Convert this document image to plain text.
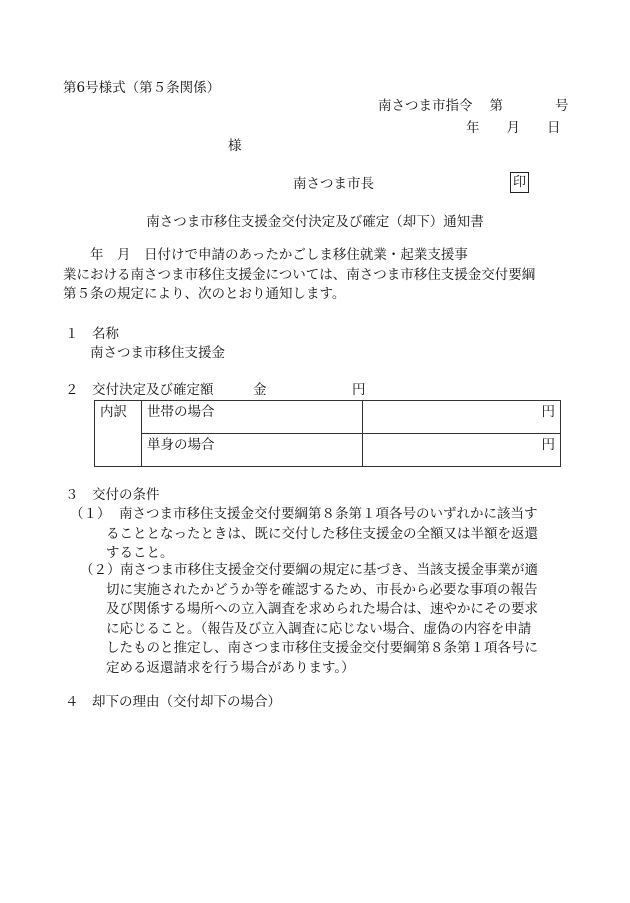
第6号様式（第５条関係）
南さつま市指令 第	号
年 月 日
様
南さつま市長	印
南さつま市移住支援金交付決定及び確定（却下）通知書

　　年　月　日付けで申請のあったかごしま移住就業・起業支援事

業における南さつま市移住支援金については、南さつま市移住支援金交付要綱

第５条の規定により、次のとおり通知します。

１ 名称
南さつま市移住支援金
２ 交付決定及び確定額	金	円
内訳	世帯の場合	円
	単身の場合	円
３ 交付の条件
（１） 南さつま市移住支援金交付要綱第８条第１項各号のいずれかに該当す

ることとなったときは、既に交付した移住支援金の全額又は半額を返還

すること。

（２） 南さつま市移住支援金交付要綱の規定に基づき、当該支援金事業が適

切に実施されたかどうか等を確認するため、市長から必要な事項の報告

及び関係する場所への立入調査を求められた場合は、速やかにその要求

に応じること。（報告及び立入調査に応じない場合、虚偽の内容を申請

したものと推定し、南さつま市移住支援金交付要綱第８条第１項各号に

定める返還請求を行う場合があります。）

４ 却下の理由（交付却下の場合）
